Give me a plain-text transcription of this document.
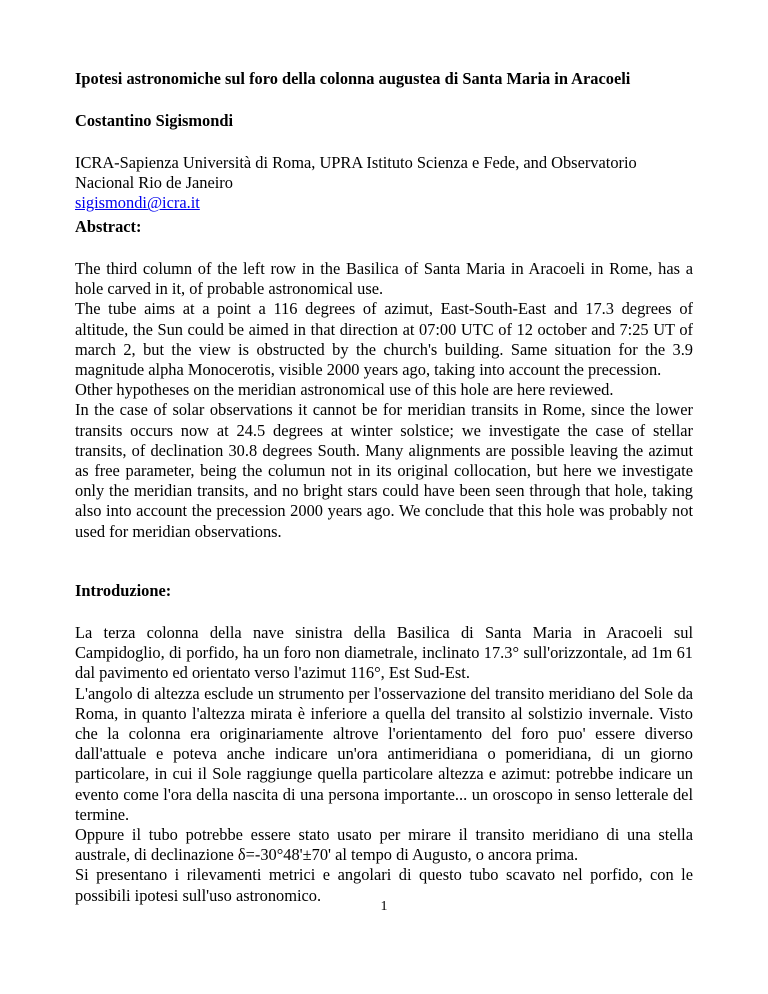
Ipotesi astronomiche sul foro della colonna augustea di Santa Maria in Aracoeli
Costantino Sigismondi
ICRA-Sapienza Università di Roma, UPRA Istituto Scienza e Fede, and Observatorio
Nacional Rio de Janeiro
sigismondi@icra.it
Abstract:

The third column of the left row in the Basilica of Santa Maria in Aracoeli in Rome, has a hole carved in it, of probable astronomical use.

The tube aims at a point a 116 degrees of azimut, East-South-East and 17.3 degrees of altitude, the Sun could be aimed in that direction at 07:00 UTC of 12 october and 7:25 UT of march 2, but the view is obstructed by the church's building. Same situation for the 3.9 magnitude alpha Monocerotis, visible 2000 years ago, taking into account the precession.

Other hypotheses on the meridian astronomical use of this hole are here reviewed.

In the case of solar observations it cannot be for meridian transits in Rome, since the lower transits occurs now at 24.5 degrees at winter solstice; we investigate the case of stellar transits, of declination 30.8 degrees South. Many alignments are possible leaving the azimut as free parameter, being the columun not in its original collocation, but here we investigate only the meridian transits, and no bright stars could have been seen through that hole, taking also into account the precession 2000 years ago. We conclude that this hole was probably not used for meridian observations.

Introduzione:

La terza colonna della nave sinistra della Basilica di Santa Maria in Aracoeli sul Campidoglio, di porfido, ha un foro non diametrale, inclinato 17.3° sull'orizzontale, ad 1m 61 dal pavimento ed orientato verso l'azimut 116°, Est Sud-Est.

L'angolo di altezza esclude un strumento per l'osservazione del transito meridiano del Sole da Roma, in quanto l'altezza mirata è inferiore a quella del transito al solstizio invernale. Visto che la colonna era originariamente altrove l'orientamento del foro puo' essere diverso dall'attuale e poteva anche indicare un'ora antimeridiana o pomeridiana, di un giorno particolare, in cui il Sole raggiunge quella particolare altezza e azimut: potrebbe indicare un evento come l'ora della nascita di una persona importante... un oroscopo in senso letterale del termine.

Oppure il tubo potrebbe essere stato usato per mirare il transito meridiano di una stella australe, di declinazione δ=-30°48'±70' al tempo di Augusto, o ancora prima.

Si presentano i rilevamenti metrici e angolari di questo tubo scavato nel porfido, con le possibili ipotesi sull'uso astronomico.

1
